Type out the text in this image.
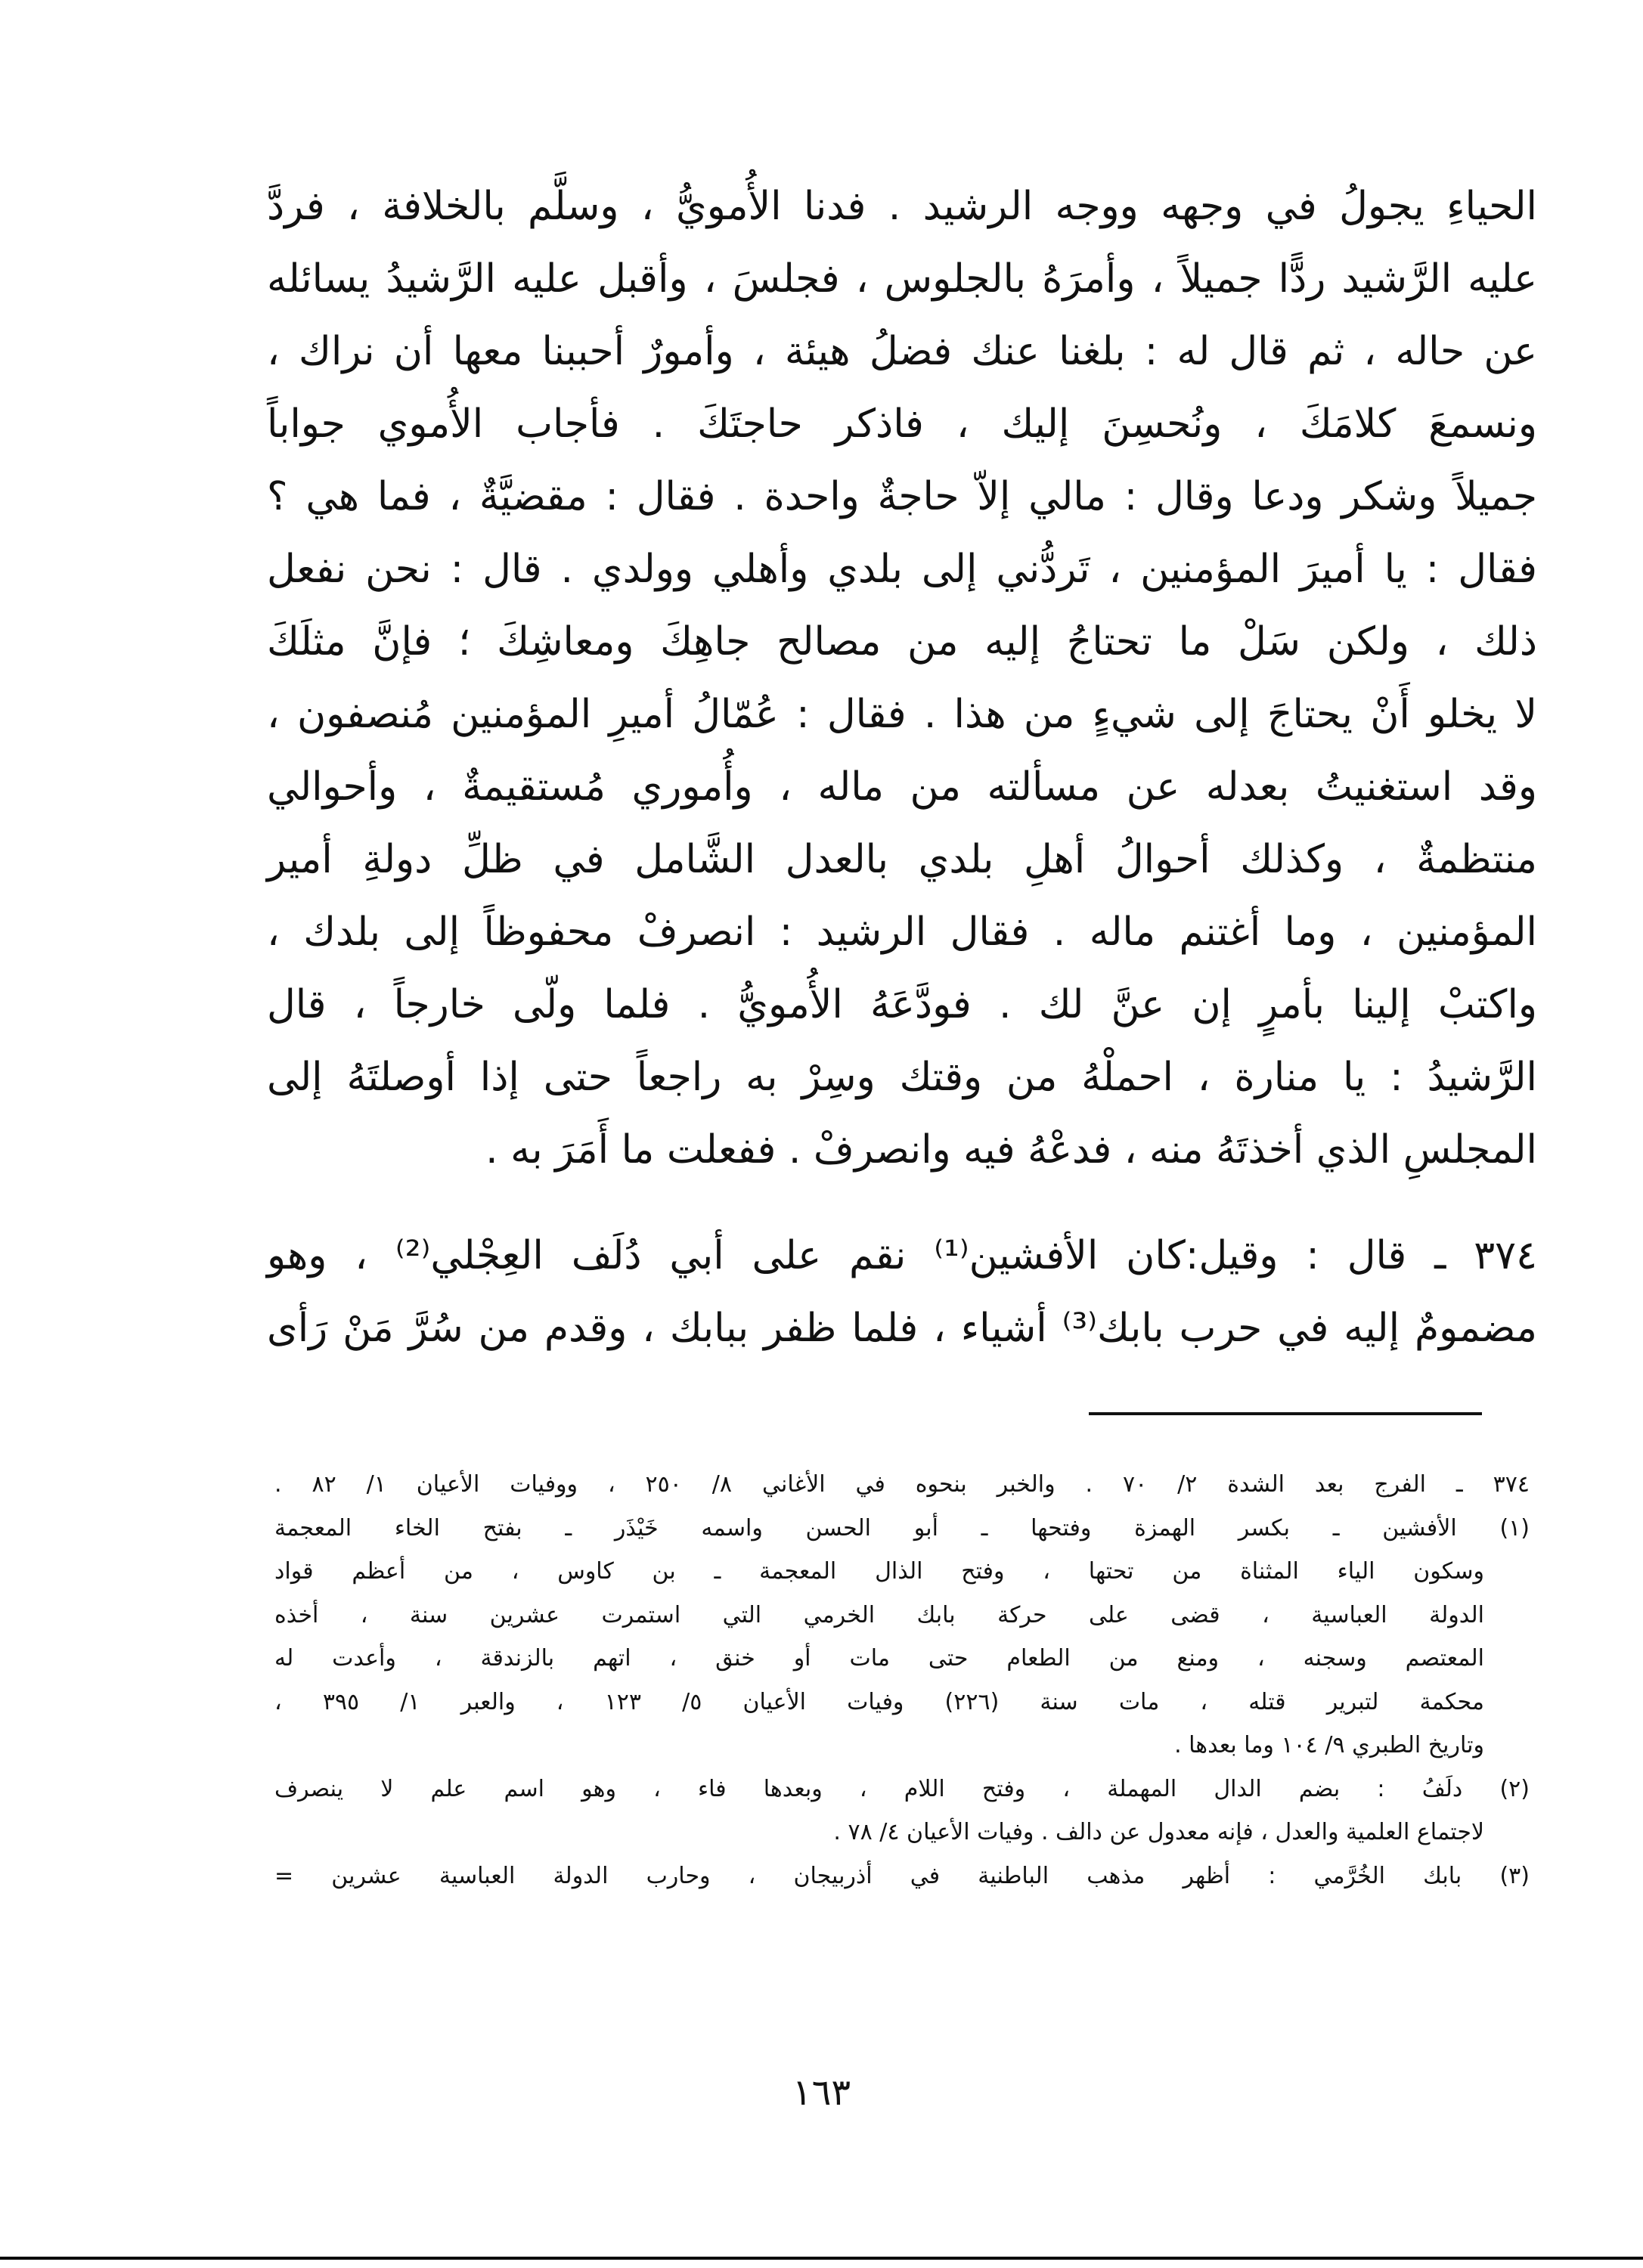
الحياءِ يجولُ في وجهه ووجه الرشيد . فدنا الأُمويُّ ، وسلَّم بالخلافة ، فردَّ
عليه الرَّشيد ردًّا جميلاً ، وأمرَهُ بالجلوس ، فجلسَ ، وأقبل عليه الرَّشيدُ يسائله
عن حاله ، ثم قال له : بلغنا عنك فضلُ هيئة ، وأمورٌ أحببنا معها أن نراك ،
ونسمعَ كلامَكَ ، ونُحسِنَ إليك ، فاذكر حاجتَكَ . فأجاب الأُموي جواباً
جميلاً وشكر ودعا وقال : مالي إلاّ حاجةٌ واحدة . فقال : مقضيَّةٌ ، فما هي ؟
فقال : يا أميرَ المؤمنين ، تَردُّني إلى بلدي وأهلي وولدي . قال : نحن نفعل
ذلك ، ولكن سَلْ ما تحتاجُ إليه من مصالح جاهِكَ ومعاشِكَ ؛ فإنَّ مثلَكَ
لا يخلو أَنْ يحتاجَ إلى شيءٍ من هذا . فقال : عُمّالُ أميرِ المؤمنين مُنصفون ،
وقد استغنيتُ بعدله عن مسألته من ماله ، وأُموري مُستقيمةٌ ، وأحوالي
منتظمةٌ ، وكذلك أحوالُ أهلِ بلدي بالعدل الشَّامل في ظلِّ دولةِ أمير
المؤمنين ، وما أغتنم ماله . فقال الرشيد : انصرفْ محفوظاً إلى بلدك ،
واكتبْ إلينا بأمرٍ إن عنَّ لك . فودَّعَهُ الأُمويُّ . فلما ولّى خارجاً ، قال
الرَّشيدُ : يا منارة ، احملْهُ من وقتك وسِرْ به راجعاً حتى إذا أوصلتَهُ إلى
المجلسِ الذي أخذتَهُ منه ، فدعْهُ فيه وانصرفْ . ففعلت ما أَمَرَ به .
٣٧٤ ـ قال : وقيل:كان الأفشين⁽¹⁾ نقم على أبي دُلَف العِجْلي⁽²⁾ ، وهو
مضمومٌ إليه في حرب بابك⁽³⁾ أشياء ، فلما ظفر ببابك ، وقدم من سُرَّ مَنْ رَأى
٣٧٤ ـ الفرج بعد الشدة ٢/ ٧٠ . والخبر بنحوه في الأغاني ٨/ ٢٥٠ ، ووفيات الأعيان ١/ ٨٢ .
(١) الأفشين ـ بكسر الهمزة وفتحها ـ أبو الحسن واسمه خَيْذَر ـ بفتح الخاء المعجمة
وسكون الياء المثناة من تحتها ، وفتح الذال المعجمة ـ بن كاوس ، من أعظم قواد
الدولة العباسية ، قضى على حركة بابك الخرمي التي استمرت عشرين سنة ، أخذه
المعتصم وسجنه ، ومنع من الطعام حتى مات أو خنق ، اتهم بالزندقة ، وأعدت له
محكمة لتبرير قتله ، مات سنة (٢٢٦) وفيات الأعيان ٥/ ١٢٣ ، والعبر ١/ ٣٩٥ ،
وتاريخ الطبري ٩/ ١٠٤ وما بعدها .
(٢) دلَفُ : بضم الدال المهملة ، وفتح اللام ، وبعدها فاء ، وهو اسم علم لا ينصرف
لاجتماع العلمية والعدل ، فإنه معدول عن دالف . وفيات الأعيان ٤/ ٧٨ .
(٣) بابك الخُرَّمي : أظهر مذهب الباطنية في أذربيجان ، وحارب الدولة العباسية عشرين =
١٦٣
